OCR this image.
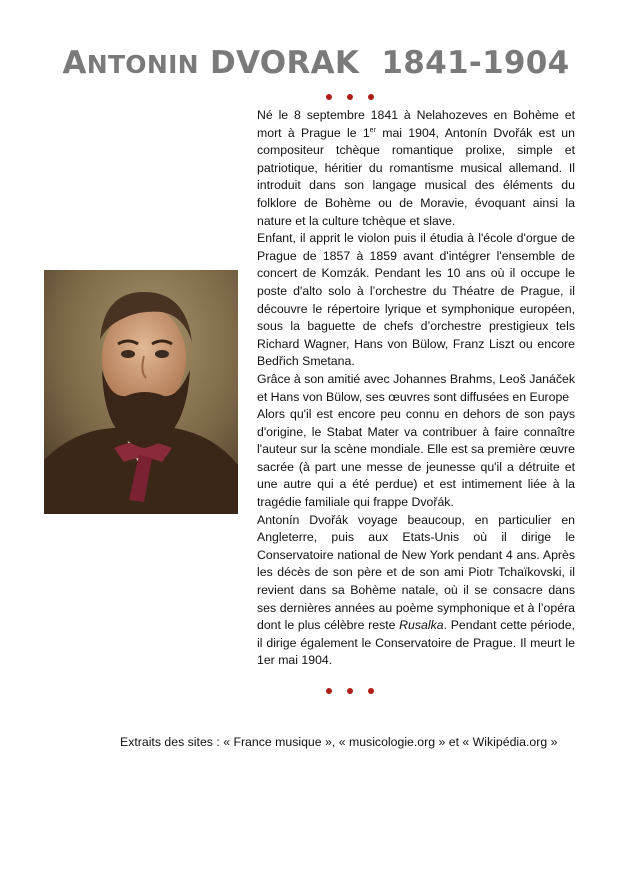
ANTONIN DVORAK 1841-1904

Né le 8 septembre 1841 à Nelahozeves en Bohème et mort à Prague le 1er mai 1904, Antonín Dvořák est un compositeur tchèque romantique prolixe, simple et patriotique, héritier du romantisme musical allemand. Il introduit dans son langage musical des éléments du folklore de Bohème ou de Moravie, évoquant ainsi la nature et la culture tchèque et slave.

Enfant, il apprit le violon puis il étudia à l'école d'orgue de Prague de 1857 à 1859 avant d'intégrer l'ensemble de concert de Komzák. Pendant les 10 ans où il occupe le poste d'alto solo à l’orchestre du Théatre de Prague, il découvre le répertoire lyrique et symphonique européen, sous la baguette de chefs d’orchestre prestigieux tels Richard Wagner, Hans von Bülow, Franz Liszt ou encore Bedřich Smetana.

Grâce à son amitié avec Johannes Brahms, Leoš Janáček et Hans von Bülow, ses œuvres sont diffusées en Europe

Alors qu'il est encore peu connu en dehors de son pays d'origine, le Stabat Mater va contribuer à faire connaître l'auteur sur la scène mondiale. Elle est sa première œuvre sacrée (à part une messe de jeunesse qu'il a détruite et une autre qui a été perdue) et est intimement liée à la tragédie familiale qui frappe Dvořák.

Antonín Dvořák voyage beaucoup, en particulier en Angleterre, puis aux Etats-Unis où il dirige le Conservatoire national de New York pendant 4 ans. Après les décès de son père et de son ami Piotr Tchaïkovski, il revient dans sa Bohème natale, où il se consacre dans ses dernières années au poème symphonique et à l’opéra dont le plus célèbre reste Rusalka. Pendant cette période, il dirige également le Conservatoire de Prague. Il meurt le 1er mai 1904.

Extraits des sites : « France musique », « musicologie.org » et « Wikipédia.org »
